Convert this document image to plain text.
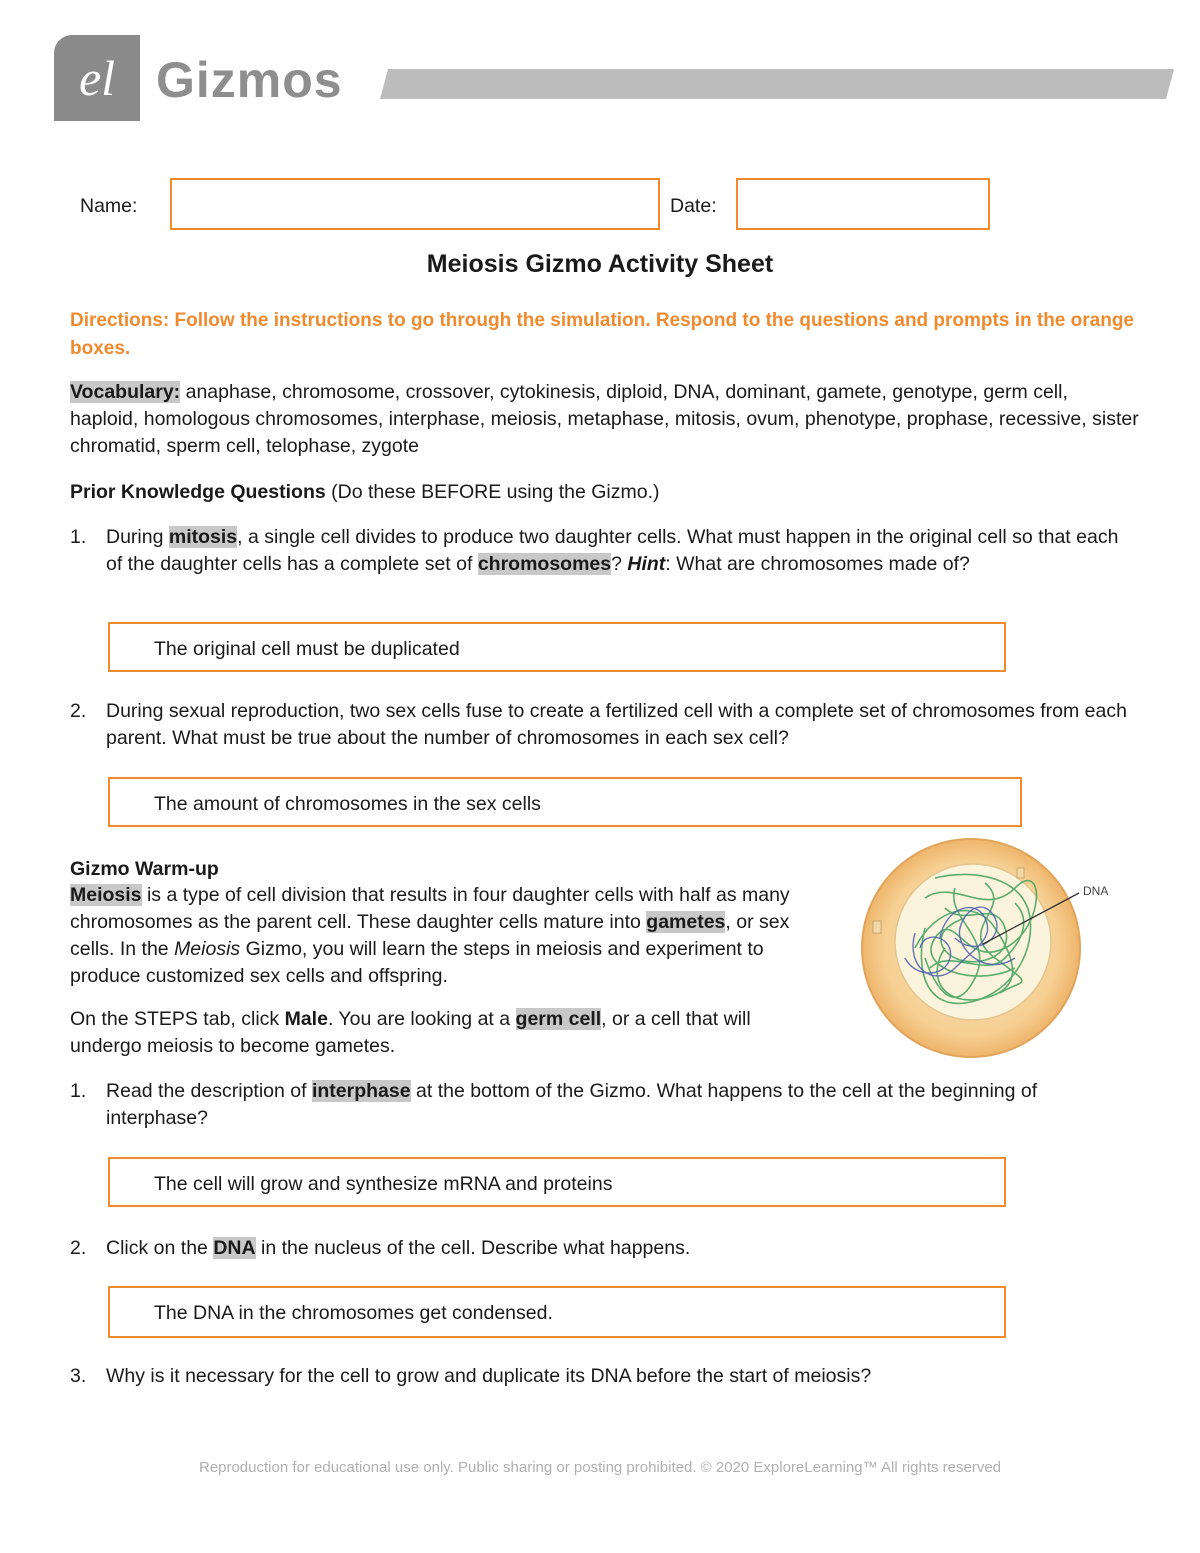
el Gizmos
Name:	Date:
Meiosis Gizmo Activity Sheet
Directions: Follow the instructions to go through the simulation. Respond to the questions and prompts in the orange boxes.
Vocabulary: anaphase, chromosome, crossover, cytokinesis, diploid, DNA, dominant, gamete, genotype, germ cell, haploid, homologous chromosomes, interphase, meiosis, metaphase, mitosis, ovum, phenotype, prophase, recessive, sister chromatid, sperm cell, telophase, zygote
Prior Knowledge Questions (Do these BEFORE using the Gizmo.)
1.	During mitosis, a single cell divides to produce two daughter cells. What must happen in the original cell so that each of the daughter cells has a complete set of chromosomes? Hint: What are chromosomes made of?
The original cell must be duplicated
2.	During sexual reproduction, two sex cells fuse to create a fertilized cell with a complete set of chromosomes from each parent. What must be true about the number of chromosomes in each sex cell?
The amount of chromosomes in the sex cells
Gizmo Warm-up
Meiosis is a type of cell division that results in four daughter cells with half as many chromosomes as the parent cell. These daughter cells mature into gametes, or sex cells. In the Meiosis Gizmo, you will learn the steps in meiosis and experiment to produce customized sex cells and offspring.
On the STEPS tab, click Male. You are looking at a germ cell, or a cell that will undergo meiosis to become gametes.
DNA
1.	Read the description of interphase at the bottom of the Gizmo. What happens to the cell at the beginning of interphase?
The cell will grow and synthesize mRNA and proteins
2.	Click on the DNA in the nucleus of the cell. Describe what happens.
The DNA in the chromosomes get condensed.
3.	Why is it necessary for the cell to grow and duplicate its DNA before the start of meiosis?
Reproduction for educational use only. Public sharing or posting prohibited. © 2020 ExploreLearning™ All rights reserved
